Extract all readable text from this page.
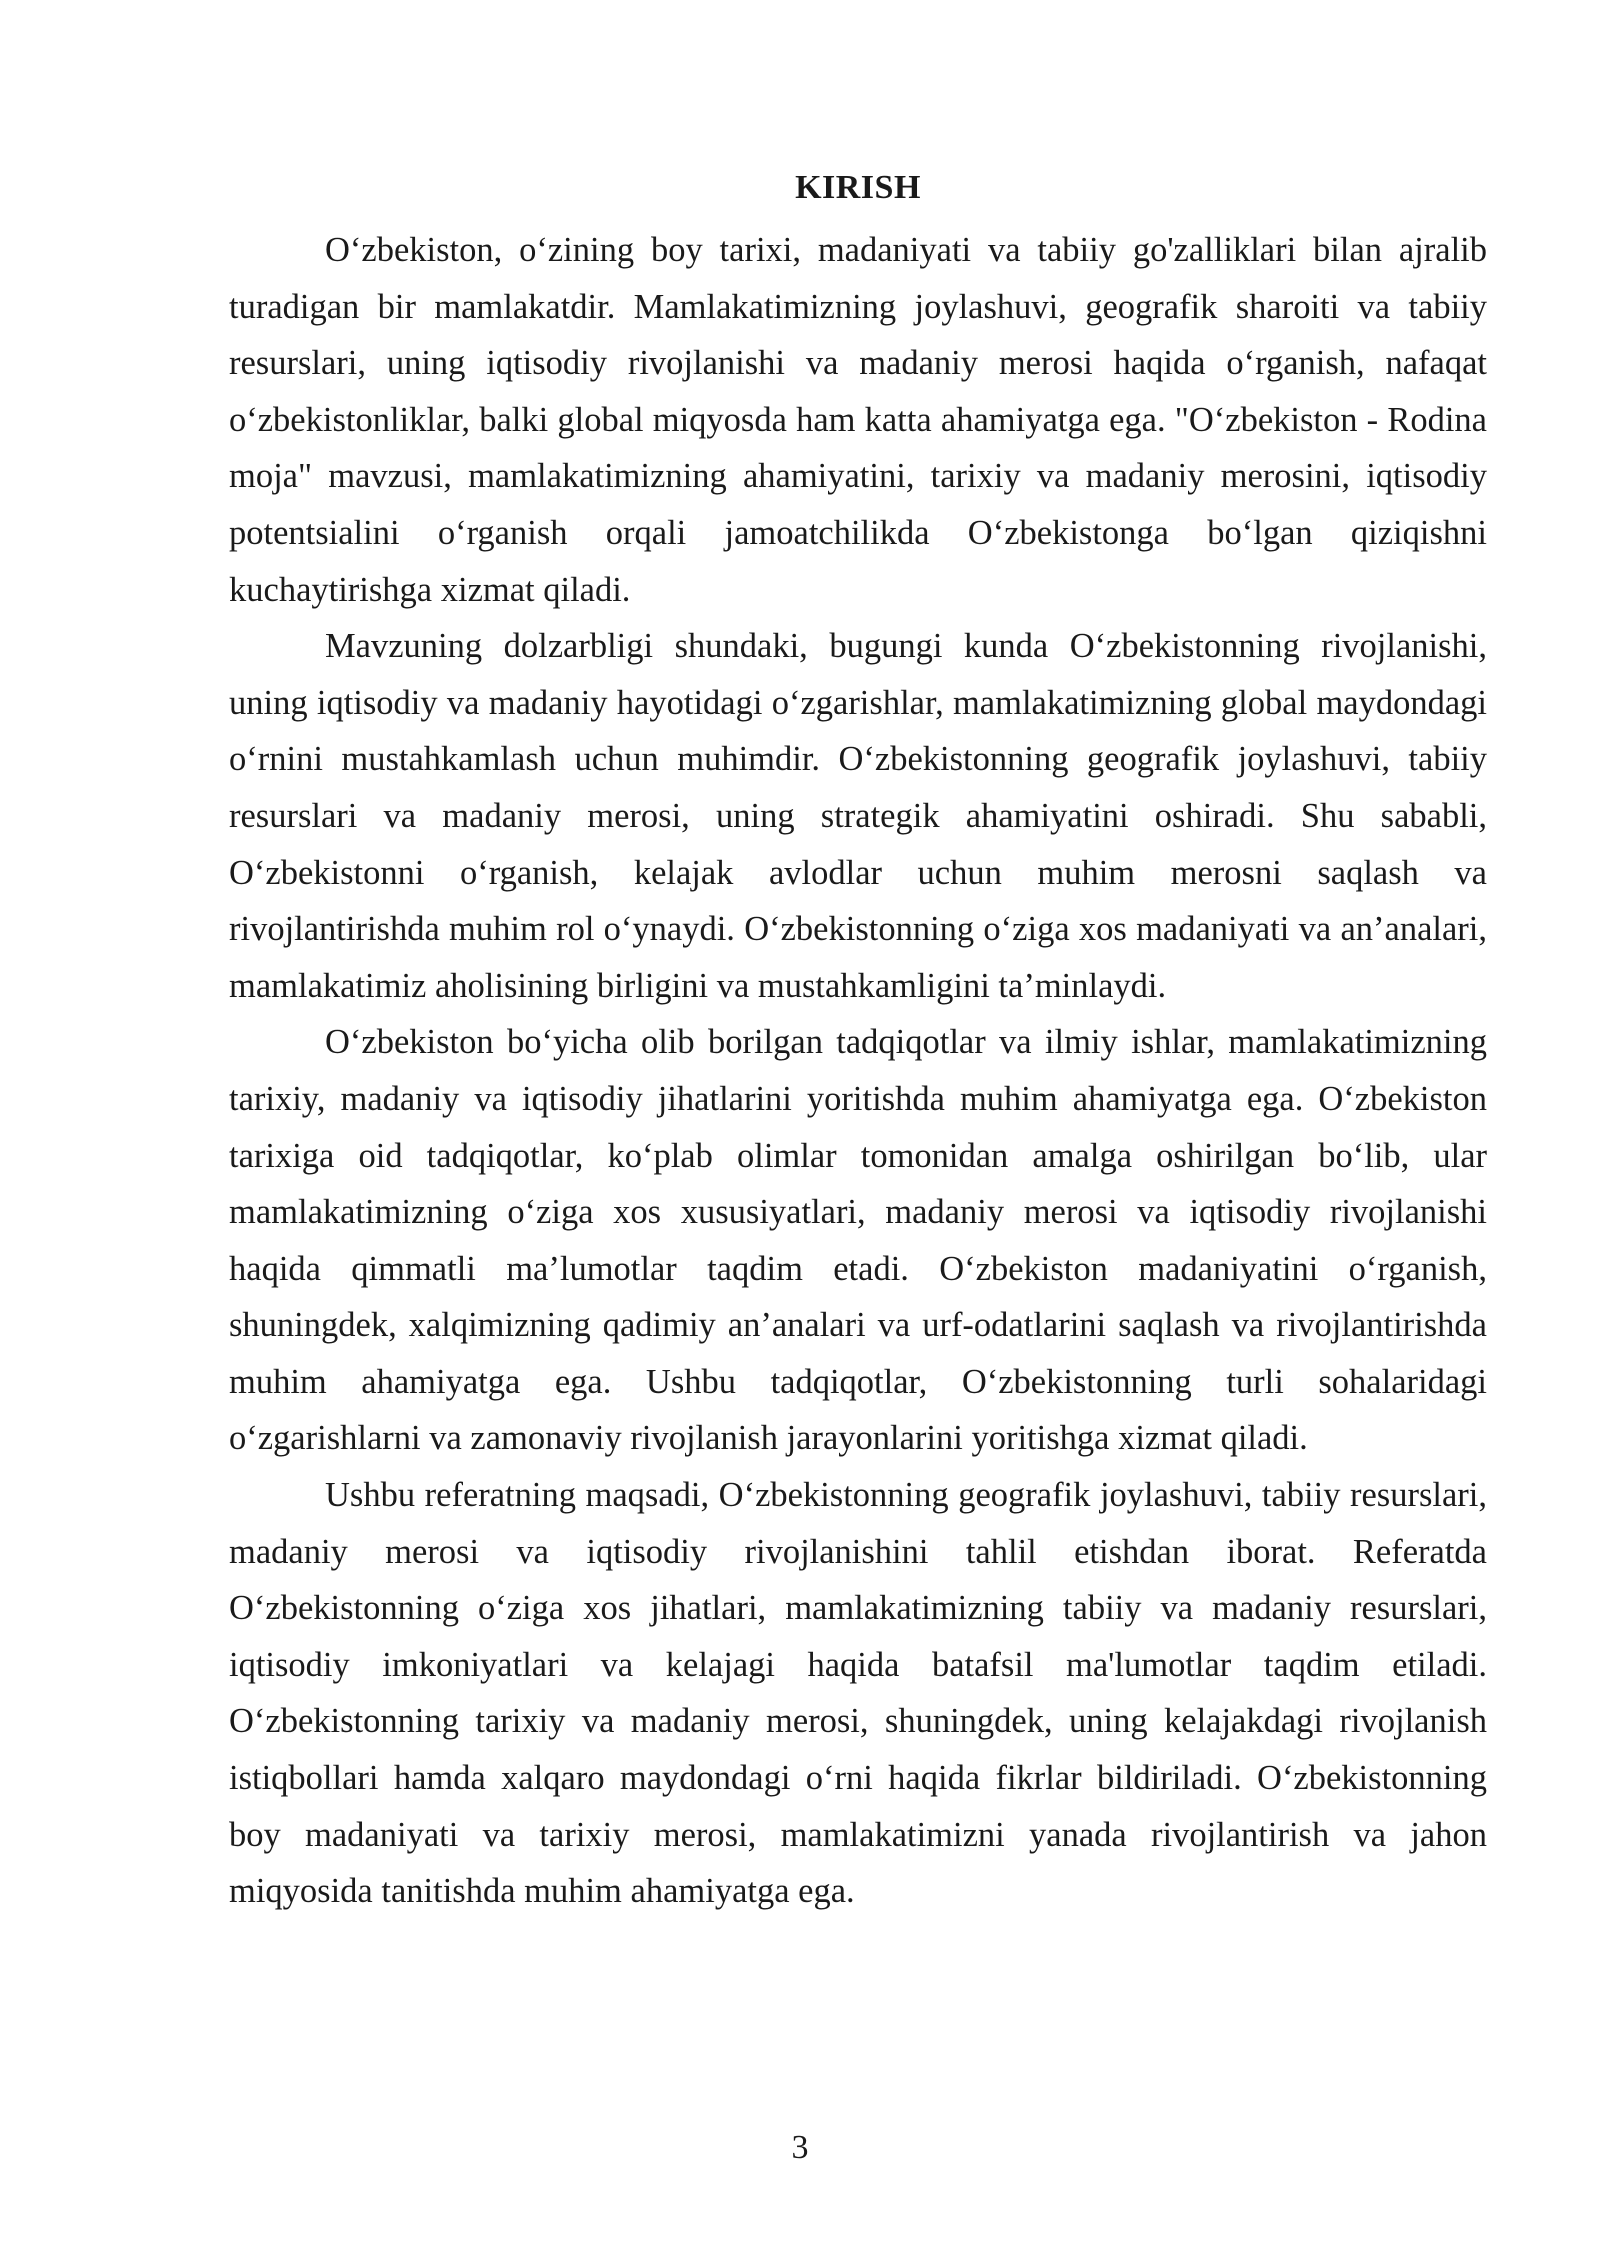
KIRISH

O‘zbekiston, o‘zining boy tarixi, madaniyati va tabiiy go'zalliklari bilan ajralib turadigan bir mamlakatdir. Mamlakatimizning joylashuvi, geografik sharoiti va tabiiy resurslari, uning iqtisodiy rivojlanishi va madaniy merosi haqida o‘rganish, nafaqat o‘zbekistonliklar, balki global miqyosda ham katta ahamiyatga ega. "O‘zbekiston - Rodina moja" mavzusi, mamlakatimizning ahamiyatini, tarixiy va madaniy merosini, iqtisodiy potentsialini o‘rganish orqali jamoatchilikda O‘zbekistonga bo‘lgan qiziqishni kuchaytirishga xizmat qiladi.

Mavzuning dolzarbligi shundaki, bugungi kunda O‘zbekistonning rivojlanishi, uning iqtisodiy va madaniy hayotidagi o‘zgarishlar, mamlakatimizning global maydondagi o‘rnini mustahkamlash uchun muhimdir. O‘zbekistonning geografik joylashuvi, tabiiy resurslari va madaniy merosi, uning strategik ahamiyatini oshiradi. Shu sababli, O‘zbekistonni o‘rganish, kelajak avlodlar uchun muhim merosni saqlash va rivojlantirishda muhim rol o‘ynaydi. O‘zbekistonning o‘ziga xos madaniyati va an’analari, mamlakatimiz aholisining birligini va mustahkamligini ta’minlaydi.

O‘zbekiston bo‘yicha olib borilgan tadqiqotlar va ilmiy ishlar, mamlakatimizning tarixiy, madaniy va iqtisodiy jihatlarini yoritishda muhim ahamiyatga ega. O‘zbekiston tarixiga oid tadqiqotlar, ko‘plab olimlar tomonidan amalga oshirilgan bo‘lib, ular mamlakatimizning o‘ziga xos xususiyatlari, madaniy merosi va iqtisodiy rivojlanishi haqida qimmatli ma’lumotlar taqdim etadi. O‘zbekiston madaniyatini o‘rganish, shuningdek, xalqimizning qadimiy an’analari va urf-odatlarini saqlash va rivojlantirishda muhim ahamiyatga ega. Ushbu tadqiqotlar, O‘zbekistonning turli sohalaridagi o‘zgarishlarni va zamonaviy rivojlanish jarayonlarini yoritishga xizmat qiladi.

Ushbu referatning maqsadi, O‘zbekistonning geografik joylashuvi, tabiiy resurslari, madaniy merosi va iqtisodiy rivojlanishini tahlil etishdan iborat. Referatda O‘zbekistonning o‘ziga xos jihatlari, mamlakatimizning tabiiy va madaniy resurslari, iqtisodiy imkoniyatlari va kelajagi haqida batafsil ma'lumotlar taqdim etiladi. O‘zbekistonning tarixiy va madaniy merosi, shuningdek, uning kelajakdagi rivojlanish istiqbollari hamda xalqaro maydondagi o‘rni haqida fikrlar bildiriladi. O‘zbekistonning boy madaniyati va tarixiy merosi, mamlakatimizni yanada rivojlantirish va jahon miqyosida tanitishda muhim ahamiyatga ega.

3
